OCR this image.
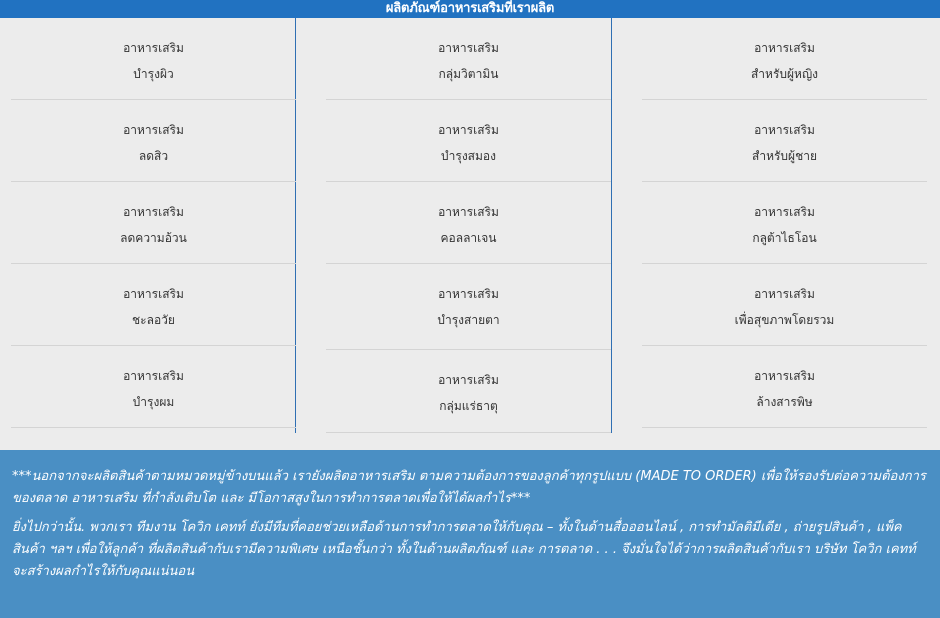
ผลิตภัณฑ์อาหารเสริมที่เราผลิต
อาหารเสริม
บำรุงผิว
อาหารเสริม
ลดสิว
อาหารเสริม
ลดความอ้วน
อาหารเสริม
ชะลอวัย
อาหารเสริม
บำรุงผม
อาหารเสริม
กลุ่มวิตามิน
อาหารเสริม
บำรุงสมอง
อาหารเสริม
คอลลาเจน
อาหารเสริม
บำรุงสายตา
อาหารเสริม
กลุ่มแร่ธาตุ
อาหารเสริม
สำหรับผู้หญิง
อาหารเสริม
สำหรับผู้ชาย
อาหารเสริม
กลูต้าไธโอน
อาหารเสริม
เพื่อสุขภาพโดยรวม
อาหารเสริม
ล้างสารพิษ

***นอกจากจะผลิตสินค้าตามหมวดหมู่ข้างบนแล้ว เรายังผลิตอาหารเสริม ตามความต้องการของลูกค้าทุกรูปแบบ (MADE TO ORDER) เพื่อให้รองรับต่อความต้องการของตลาด อาหารเสริม ที่กำลังเติบโต และ มีโอกาสสูงในการทำการตลาดเพื่อให้ได้ผลกำไร***

ยิ่งไปกว่านั้น. พวกเรา ทีมงาน โควิก เคทท์ ยังมีทีมที่คอยช่วยเหลือด้านการทำการตลาดให้กับคุณ – ทั้งในด้านสื่อออนไลน์ , การทำมัลติมีเดีย , ถ่ายรูปสินค้า , แพ็คสินค้า ฯลฯ เพื่อให้ลูกค้า ที่ผลิตสินค้ากับเรามีความพิเศษ เหนือชั้นกว่า ทั้งในด้านผลิตภัณฑ์ และ การตลาด . . . จึงมั่นใจได้ว่าการผลิตสินค้ากับเรา บริษัท โควิก เคทท์ จะสร้างผลกำไรให้กับคุณแน่นอน
